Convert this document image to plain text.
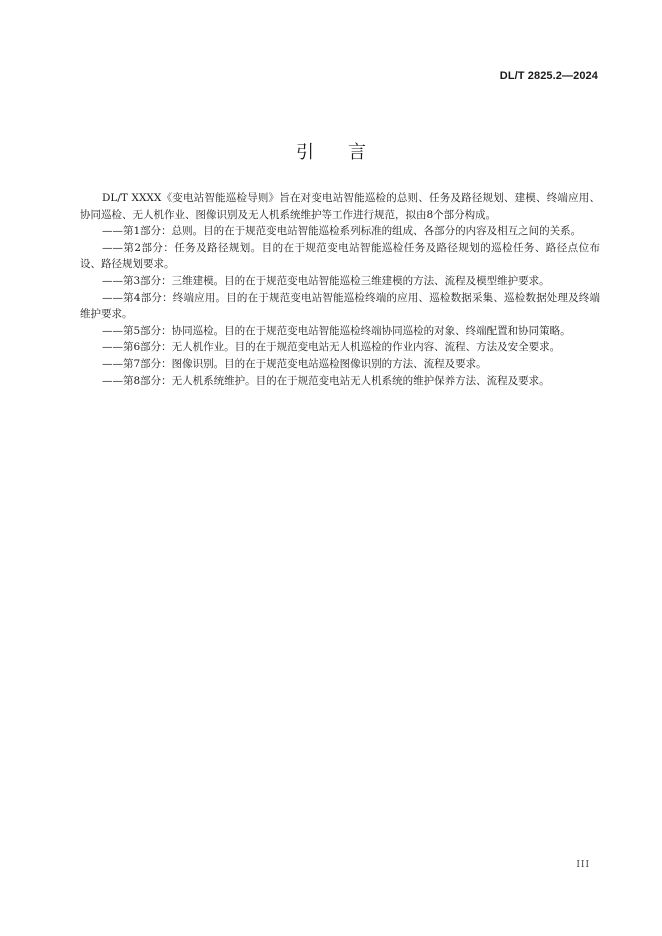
DL/T 2825.2—2024
引言

DL/T XXXX《变电站智能巡检导则》旨在对变电站智能巡检的总则、任务及路径规划、建模、终端应用、协同巡检、无人机作业、图像识别及无人机系统维护等工作进行规范，拟由8个部分构成。

——第1部分：总则。目的在于规范变电站智能巡检系列标准的组成、各部分的内容及相互之间的关系。

——第2部分：任务及路径规划。目的在于规范变电站智能巡检任务及路径规划的巡检任务、路径点位布设、路径规划要求。

——第3部分：三维建模。目的在于规范变电站智能巡检三维建模的方法、流程及模型维护要求。

——第4部分：终端应用。目的在于规范变电站智能巡检终端的应用、巡检数据采集、巡检数据处理及终端维护要求。

——第5部分：协同巡检。目的在于规范变电站智能巡检终端协同巡检的对象、终端配置和协同策略。

——第6部分：无人机作业。目的在于规范变电站无人机巡检的作业内容、流程、方法及安全要求。

——第7部分：图像识别。目的在于规范变电站巡检图像识别的方法、流程及要求。

——第8部分：无人机系统维护。目的在于规范变电站无人机系统的维护保养方法、流程及要求。

III
